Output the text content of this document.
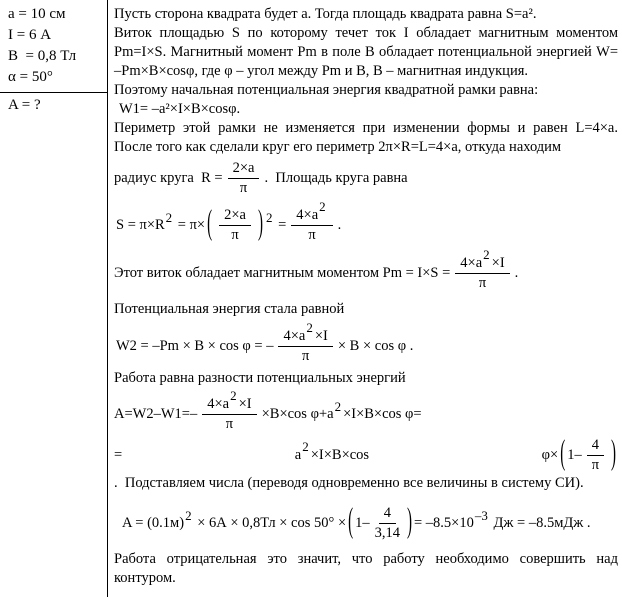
a = 10 см
I = 6 А
B  = 0,8 Тл
α = 50°
A = ?

Пусть сторона квадрата будет а. Тогда площадь квадрата равна S=a².

Виток площадью S по которому течет ток I обладает магнитным моментом Pm=I×S. Магнитный момент Pm в поле B обладает потенциальной энергией W= –Pm×B×cosφ, где φ – угол между Pm и B, B – магнитная индукция.

Поэтому начальная потенциальная энергия квадратной рамки равна:

W1= –a²×I×B×cosφ.

Периметр этой рамки не изменяется при изменении формы и равен L=4×a. После того как сделали круг его периметр 2π×R=L=4×a, откуда находим

радиус круга  $R = \frac{2\times a}{\pi}$ .  Площадь круга равна
S = π×R 2 = π× ( $\frac{2\times a}{\pi}$ ) $2 = \frac{4\times a2}{\pi}$ .
Этот виток обладает магнитным моментом $Pm = I\times S = \frac{4\times a2\times I}{\pi}$ .

Потенциальная энергия стала равной

W2 = –Pm × B × cos φ = – $\frac{4\times a2\times I}{\pi} \times B \times \cos \varphi$ .

Работа равна разности потенциальных энергий

$A=W2-W1=- \frac{4\times a2\times I}{\pi} \times B\times\cos$ φ+a 2 ×I×B×cos φ=
= a2×I×B×cos φ× ( $1- \frac{4}{\pi}$ ).  Подставляем числа (переводя одновременно все величины в систему СИ).
A = (0.1м) 2 × 6А × 0,8Тл × cos 50° × ( $1- \frac{4}{3,14}$ ) = –8.5×10 –3 Дж = –8.5мДж .

Работа отрицательная это значит, что работу необходимо совершить над контуром.
